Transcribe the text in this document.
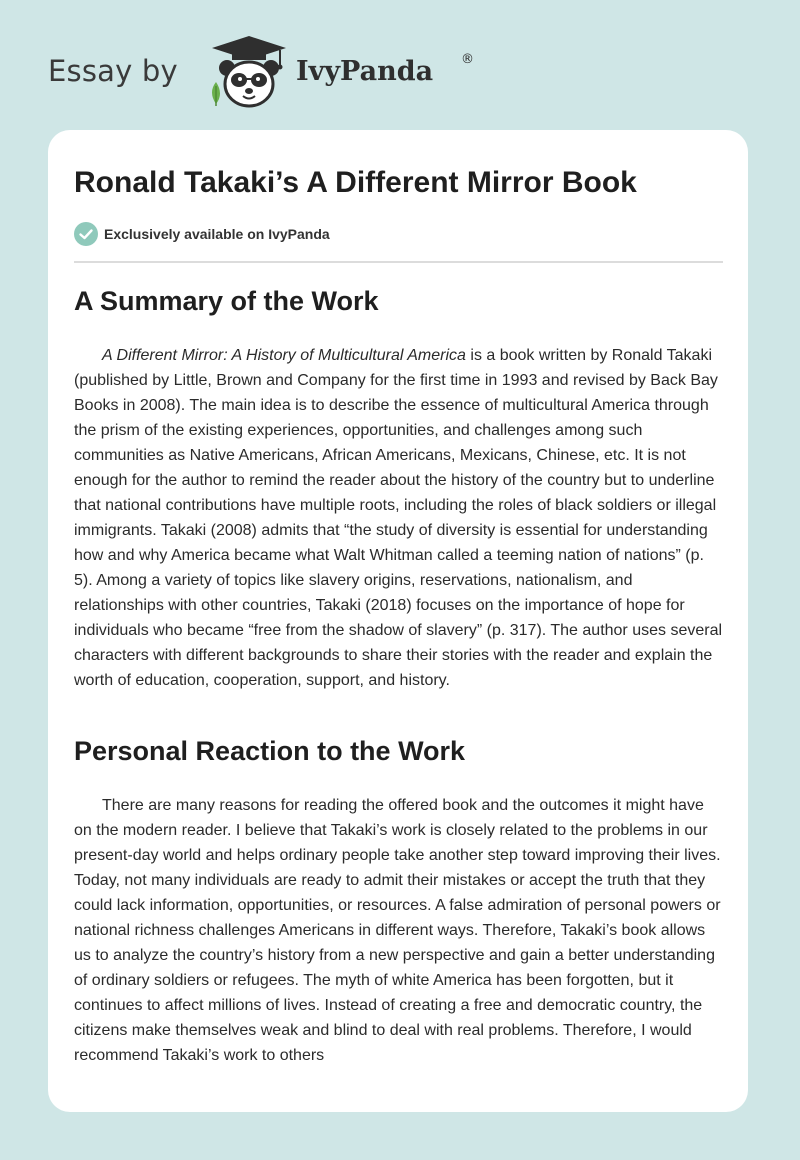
Essay by	IvyPanda ®
Ronald Takaki’s A Different Mirror Book
Exclusively available on IvyPanda
A Summary of the Work

A Different Mirror: A History of Multicultural America is a book written by Ronald Takaki (published by Little, Brown and Company for the first time in 1993 and revised by Back Bay Books in 2008). The main idea is to describe the essence of multicultural America through the prism of the existing experiences, opportunities, and challenges among such communities as Native Americans, African Americans, Mexicans, Chinese, etc. It is not enough for the author to remind the reader about the history of the country but to underline that national contributions have multiple roots, including the roles of black soldiers or illegal immigrants. Takaki (2008) admits that “the study of diversity is essential for understanding how and why America became what Walt Whitman called a teeming nation of nations” (p. 5). Among a variety of topics like slavery origins, reservations, nationalism, and relationships with other countries, Takaki (2018) focuses on the importance of hope for individuals who became “free from the shadow of slavery” (p. 317). The author uses several characters with different backgrounds to share their stories with the reader and explain the worth of education, cooperation, support, and history.

Personal Reaction to the Work

There are many reasons for reading the offered book and the outcomes it might have on the modern reader. I believe that Takaki’s work is closely related to the problems in our present-day world and helps ordinary people take another step toward improving their lives. Today, not many individuals are ready to admit their mistakes or accept the truth that they could lack information, opportunities, or resources. A false admiration of personal powers or national richness challenges Americans in different ways. Therefore, Takaki’s book allows us to analyze the country’s history from a new perspective and gain a better understanding of ordinary soldiers or refugees. The myth of white America has been forgotten, but it continues to affect millions of lives. Instead of creating a free and democratic country, the citizens make themselves weak and blind to deal with real problems. Therefore, I would recommend Takaki’s work to others
